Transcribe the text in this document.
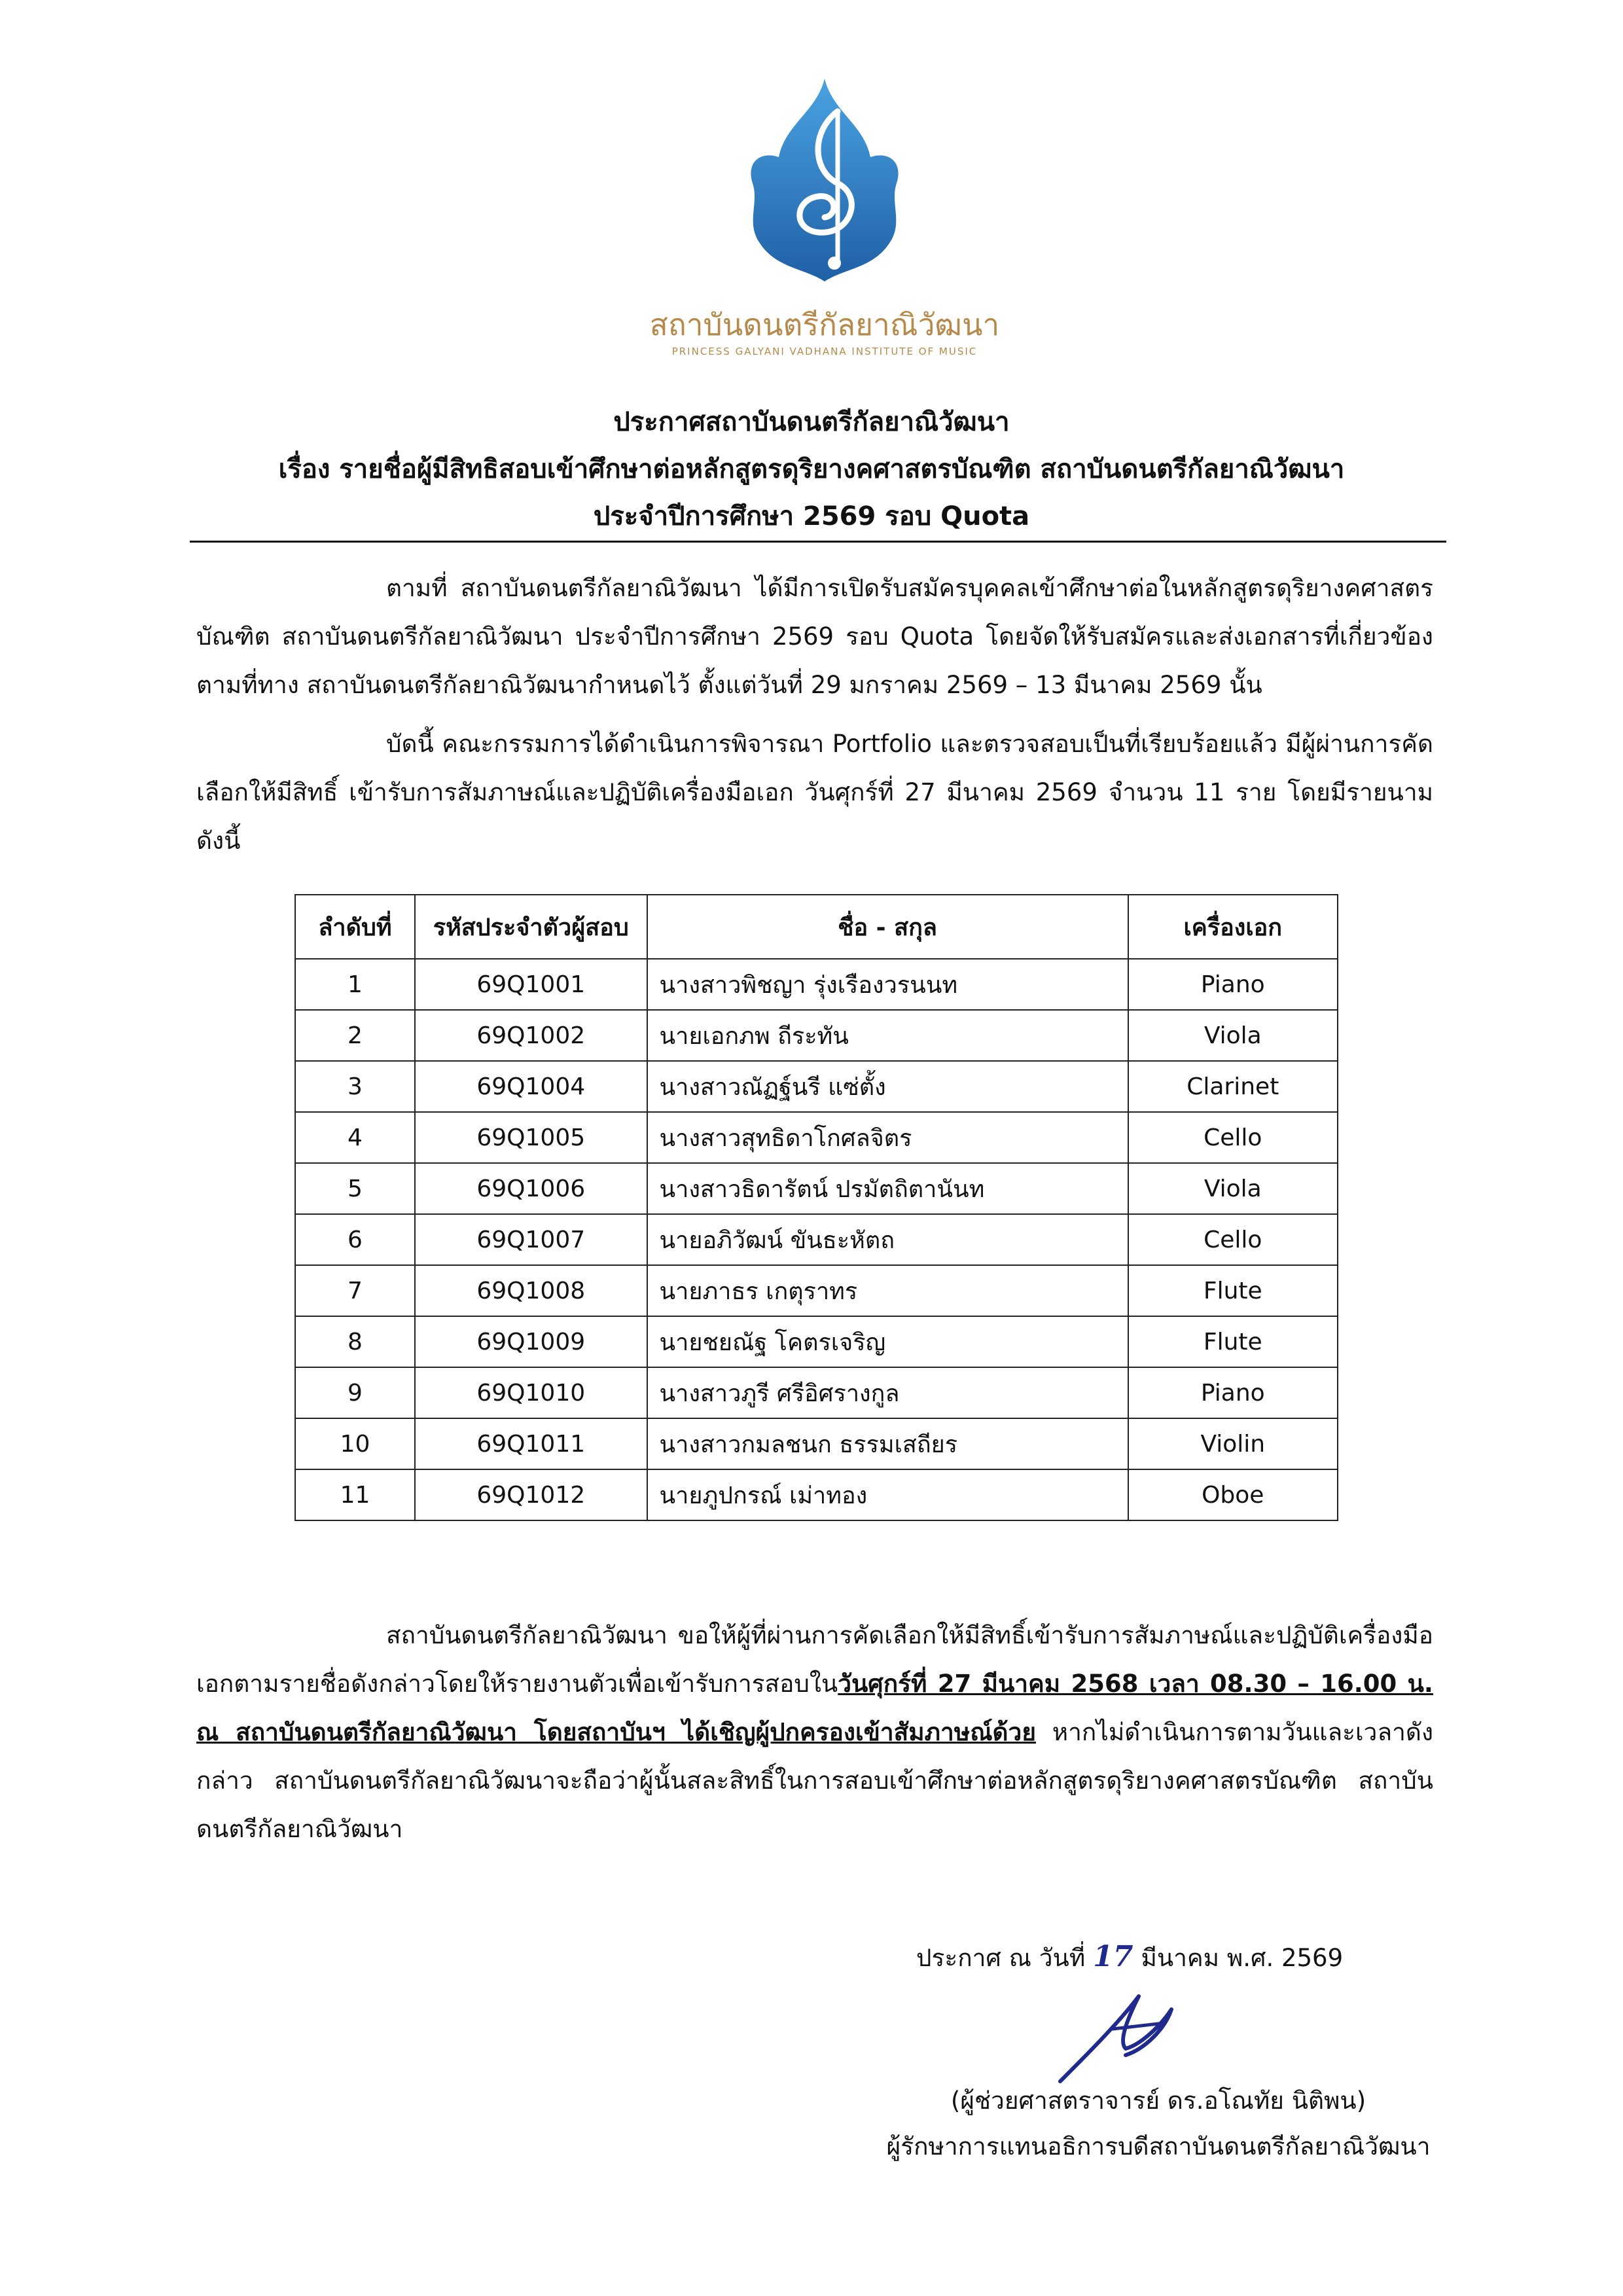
สถาบันดนตรีกัลยาณิวัฒนา
PRINCESS GALYANI VADHANA INSTITUTE OF MUSIC
ประกาศสถาบันดนตรีกัลยาณิวัฒนา
เรื่อง รายชื่อผู้มีสิทธิสอบเข้าศึกษาต่อหลักสูตรดุริยางคศาสตรบัณฑิต สถาบันดนตรีกัลยาณิวัฒนา
ประจำปีการศึกษา 2569 รอบ Quota
ตามที่ สถาบันดนตรีกัลยาณิวัฒนา ได้มีการเปิดรับสมัครบุคคลเข้าศึกษาต่อในหลักสูตรดุริยางคศาสตรบัณฑิต สถาบันดนตรีกัลยาณิวัฒนา ประจำปีการศึกษา 2569 รอบ Quota โดยจัดให้รับสมัครและส่งเอกสารที่เกี่ยวข้องตามที่ทาง สถาบันดนตรีกัลยาณิวัฒนากำหนดไว้ ตั้งแต่วันที่ 29 มกราคม 2569 – 13 มีนาคม 2569 นั้น
บัดนี้ คณะกรรมการได้ดำเนินการพิจารณา Portfolio และตรวจสอบเป็นที่เรียบร้อยแล้ว มีผู้ผ่านการคัดเลือกให้มีสิทธิ์ เข้ารับการสัมภาษณ์และปฏิบัติเครื่องมือเอก วันศุกร์ที่ 27 มีนาคม 2569 จำนวน 11 ราย โดยมีรายนามดังนี้
ลำดับที่	รหัสประจำตัวผู้สอบ	ชื่อ - สกุล	เครื่องเอก
1	69Q1001	นางสาวพิชญา รุ่งเรืองวรนนท	Piano
2	69Q1002	นายเอกภพ ถีระทัน	Viola
3	69Q1004	นางสาวณัฏฐ์นรี แซ่ตั้ง	Clarinet
4	69Q1005	นางสาวสุทธิดาโกศลจิตร	Cello
5	69Q1006	นางสาวธิดารัตน์ ปรมัตถิตานันท	Viola
6	69Q1007	นายอภิวัฒน์ ขันธะหัตถ	Cello
7	69Q1008	นายภาธร เกตุราทร	Flute
8	69Q1009	นายชยณัฐ โคตรเจริญ	Flute
9	69Q1010	นางสาวภูรี ศรีอิศรางกูล	Piano
10	69Q1011	นางสาวกมลชนก ธรรมเสถียร	Violin
11	69Q1012	นายภูปกรณ์ เม่าทอง	Oboe
สถาบันดนตรีกัลยาณิวัฒนา ขอให้ผู้ที่ผ่านการคัดเลือกให้มีสิทธิ์เข้ารับการสัมภาษณ์และปฏิบัติเครื่องมือเอกตามรายชื่อดังกล่าวโดยให้รายงานตัวเพื่อเข้ารับการสอบในวันศุกร์ที่ 27 มีนาคม 2568 เวลา 08.30 – 16.00 น. ณ สถาบันดนตรีกัลยาณิวัฒนา โดยสถาบันฯ ได้เชิญผู้ปกครองเข้าสัมภาษณ์ด้วย หากไม่ดำเนินการตามวันและเวลาดังกล่าว สถาบันดนตรีกัลยาณิวัฒนาจะถือว่าผู้นั้นสละสิทธิ์ในการสอบเข้าศึกษาต่อหลักสูตรดุริยางคศาสตรบัณฑิต สถาบันดนตรีกัลยาณิวัฒนา
ประกาศ ณ วันที่ 17 มีนาคม พ.ศ. 2569
(ผู้ช่วยศาสตราจารย์ ดร.อโณทัย นิติพน)
ผู้รักษาการแทนอธิการบดีสถาบันดนตรีกัลยาณิวัฒนา
